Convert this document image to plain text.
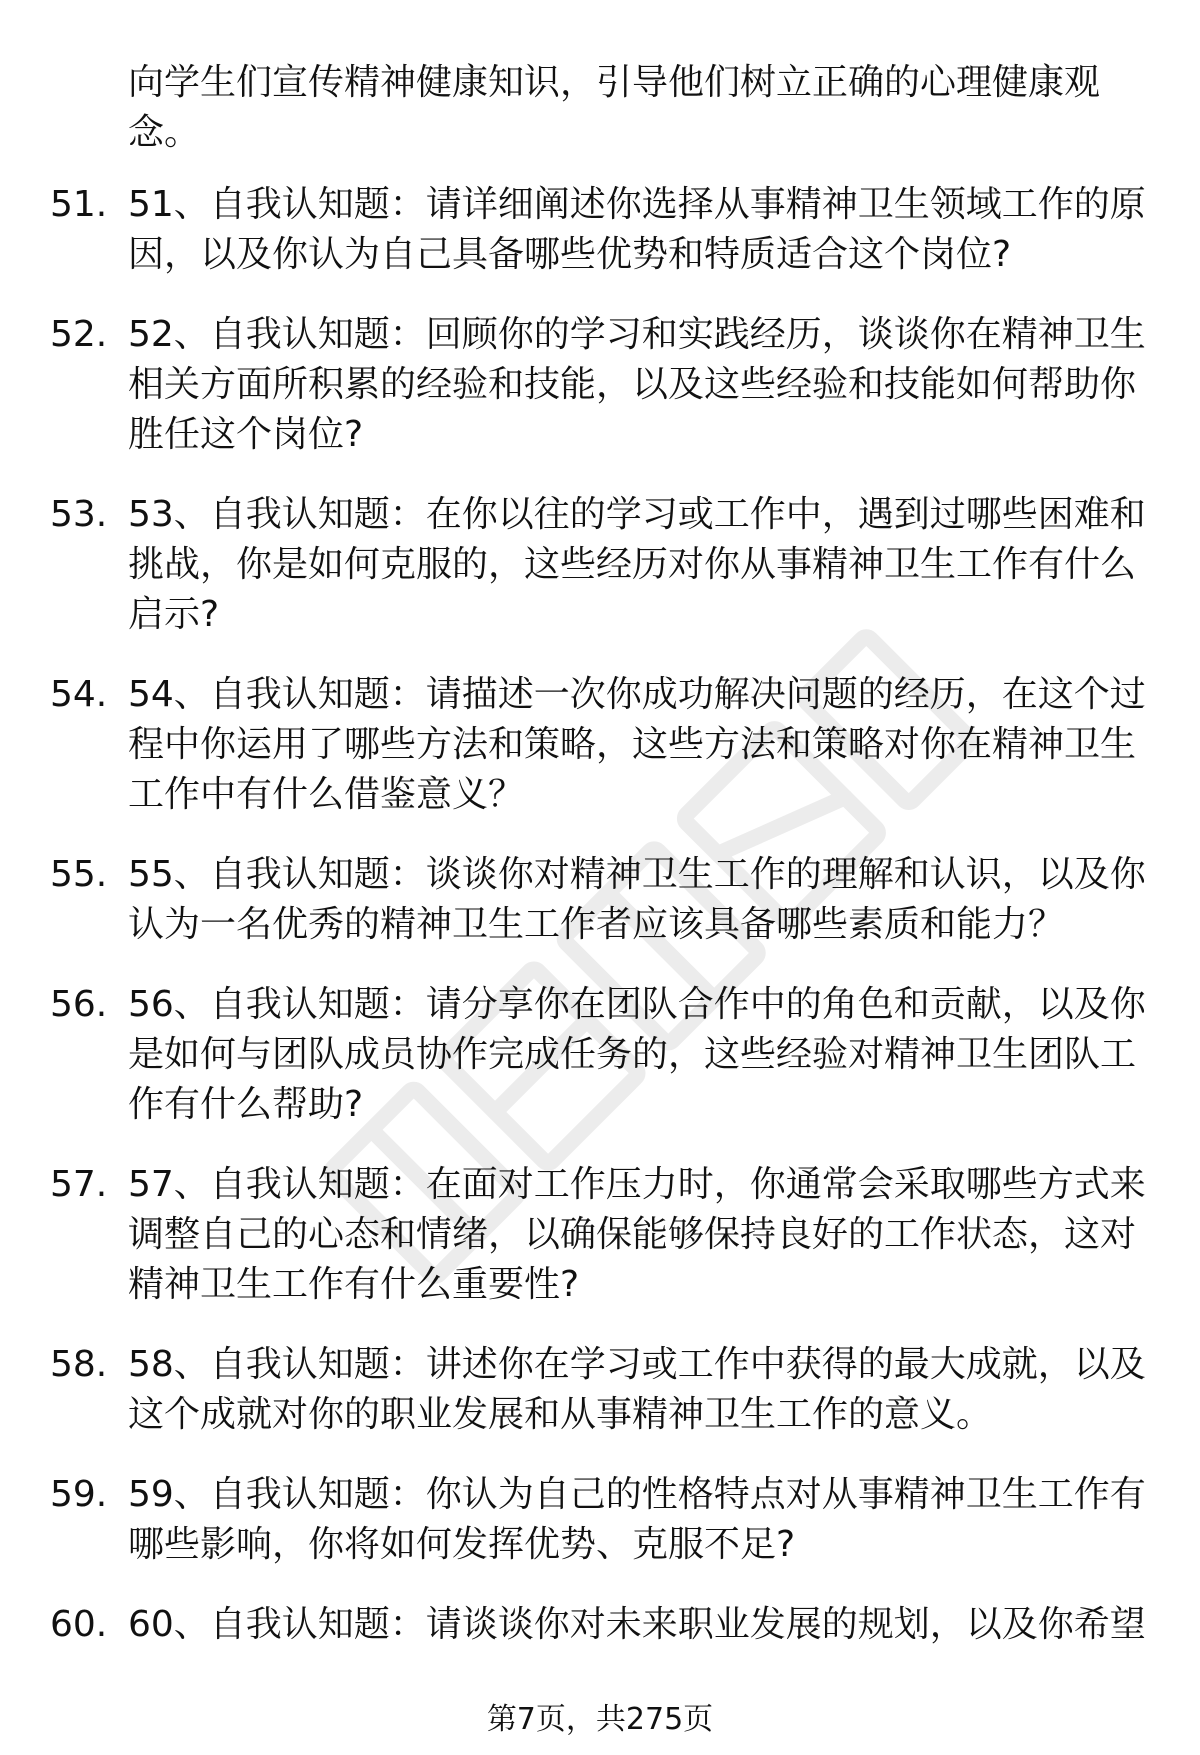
向学生们宣传精神健康知识，引导他们树立正确的心理健康观念。

51. 51、自我认知题：请详细阐述你选择从事精神卫生领域工作的原因，以及你认为自己具备哪些优势和特质适合这个岗位?
52. 52、自我认知题：回顾你的学习和实践经历，谈谈你在精神卫生相关方面所积累的经验和技能，以及这些经验和技能如何帮助你胜任这个岗位?
53. 53、自我认知题：在你以往的学习或工作中，遇到过哪些困难和挑战，你是如何克服的，这些经历对你从事精神卫生工作有什么启示?
54. 54、自我认知题：请描述一次你成功解决问题的经历，在这个过程中你运用了哪些方法和策略，这些方法和策略对你在精神卫生工作中有什么借鉴意义？
55. 55、自我认知题：谈谈你对精神卫生工作的理解和认识，以及你认为一名优秀的精神卫生工作者应该具备哪些素质和能力？
56. 56、自我认知题：请分享你在团队合作中的角色和贡献，以及你是如何与团队成员协作完成任务的，这些经验对精神卫生团队工作有什么帮助?
57. 57、自我认知题：在面对工作压力时，你通常会采取哪些方式来调整自己的心态和情绪，以确保能够保持良好的工作状态，这对精神卫生工作有什么重要性?
58. 58、自我认知题：讲述你在学习或工作中获得的最大成就，以及这个成就对你的职业发展和从事精神卫生工作的意义。
59. 59、自我认知题：你认为自己的性格特点对从事精神卫生工作有哪些影响，你将如何发挥优势、克服不足?
60. 60、自我认知题：请谈谈你对未来职业发展的规划，以及你希望
第7页，共275页
